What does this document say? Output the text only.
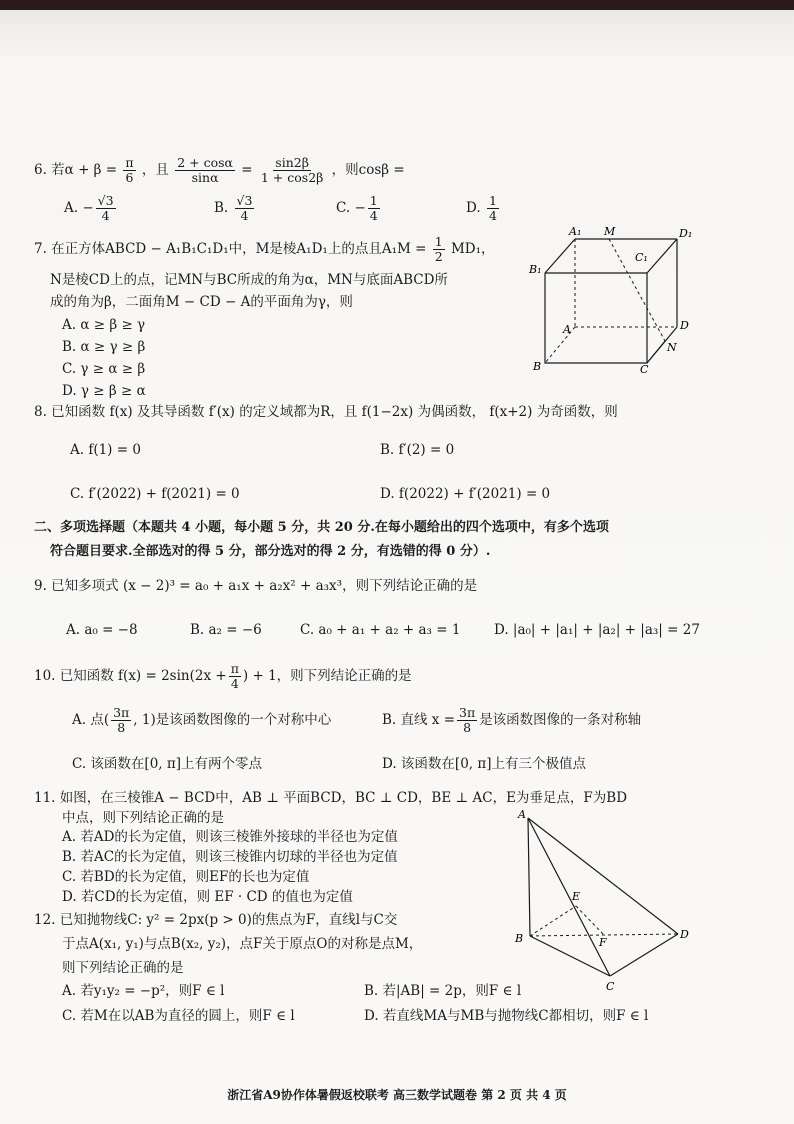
6. 若$\alpha + \beta = \frac{\pi}{6}$ ，且 $\frac{2 + \cos\alpha}{\sin\alpha} = \frac{\sin 2\beta}{1 + \cos 2\beta}$ ，则cosβ =
A. − $\frac{√3}{4}$	B. $\frac{√3}{4}$	C. − $\frac{1}{4}$	D. $\frac{1}{4}$
7. 在正方体ABCD − A₁B₁C₁D₁中，M是棱A₁D₁上的点且$A_1M = \frac{1}{2} MD_1$，
N是棱CD上的点，记MN与BC所成的角为α，MN与底面ABCD所
成的角为β，二面角M − CD − A的平面角为γ，则
A. α ≥ β ≥ γ
B. α ≥ γ ≥ β
C. γ ≥ α ≥ β
D. γ ≥ β ≥ α
A₁ M	D₁
B₁
C₁
A	D
B	C
N
8. 已知函数 f(x) 及其导函数 f′(x) 的定义域都为R，且 f(1−2x) 为偶函数， f(x+2) 为奇函数，则
A. f(1) = 0	B. f′(2) = 0
C. f′(2022) + f(2021) = 0	D. f(2022) + f′(2021) = 0
二、多项选择题（本题共 4 小题，每小题 5 分，共 20 分.在每小题给出的四个选项中，有多个选项
符合题目要求.全部选对的得 5 分，部分选对的得 2 分，有选错的得 0 分）.
9. 已知多项式 (x − 2)³ = a₀ + a₁x + a₂x² + a₃x³，则下列结论正确的是
A. a₀ = −8	B. a₂ = −6	C. a₀ + a₁ + a₂ + a₃ = 1 D. |a₀| + |a₁| + |a₂| + |a₃| = 27
10. 已知函数 $f(x) = 2\sin(2x + \frac{\pi}{4}$ ) + 1，则下列结论正确的是
A. 点( $\frac{3\pi}{8}$ , 1)是该函数图像的一个对称中心	B. 直线 $x = \frac{3\pi}{8}$ 是该函数图像的一条对称轴
C. 该函数在[0, π]上有两个零点	D. 该函数在[0, π]上有三个极值点
11. 如图，在三棱锥A − BCD中，AB ⊥ 平面BCD，BC ⊥ CD，BE ⊥ AC，E为垂足点，F为BD
中点，则下列结论正确的是
A. 若AD的长为定值，则该三棱锥外接球的半径也为定值
B. 若AC的长为定值，则该三棱锥内切球的半径也为定值
C. 若BD的长为定值，则EF的长也为定值
D. 若CD的长为定值，则 EF · CD 的值也为定值
A
E
B	F
D
C
12. 已知抛物线C: y² = 2px(p > 0)的焦点为F，直线l与C交
于点A(x₁, y₁)与点B(x₂, y₂)，点F关于原点O的对称是点M，
则下列结论正确的是
A. 若y₁y₂ = −p²，则F ∈ l	B. 若|AB| = 2p，则F ∈ l
C. 若M在以AB为直径的圆上，则F ∈ l	D. 若直线MA与MB与抛物线C都相切，则F ∈ l
浙江省A9协作体暑假返校联考 高三数学试题卷 第 2 页 共 4 页
